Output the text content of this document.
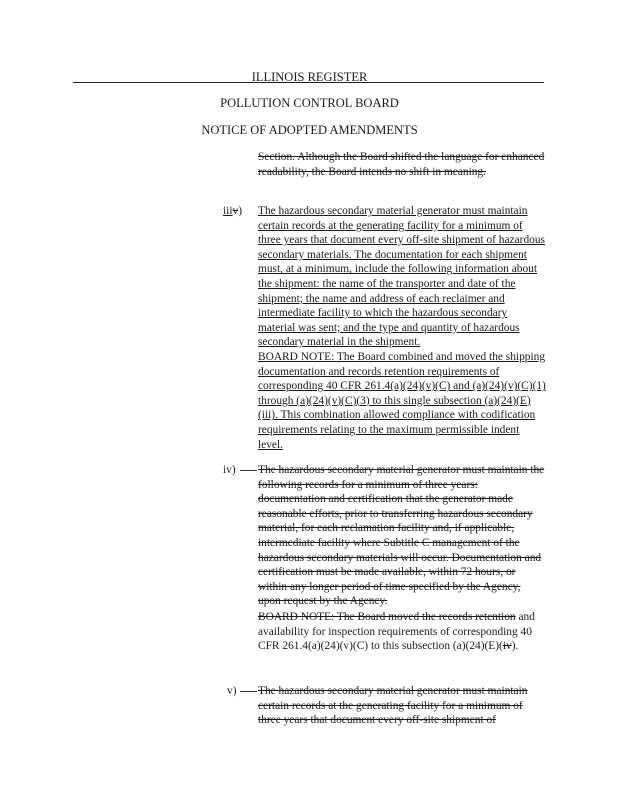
ILLINOIS REGISTER
POLLUTION CONTROL BOARD
NOTICE OF ADOPTED AMENDMENTS
Section. Although the Board shifted the language for enhanced readability, the Board intends no shift in meaning.
iiiv) The hazardous secondary material generator must maintain certain records at the generating facility for a minimum of three years that document every off-site shipment of hazardous secondary materials. The documentation for each shipment must, at a minimum, include the following information about the shipment: the name of the transporter and date of the shipment; the name and address of each reclaimer and intermediate facility to which the hazardous secondary material was sent; and the type and quantity of hazardous secondary material in the shipment.
BOARD NOTE: The Board combined and moved the shipping documentation and records retention requirements of corresponding 40 CFR 261.4(a)(24)(v)(C) and (a)(24)(v)(C)(1) through (a)(24)(v)(C)(3) to this single subsection (a)(24)(E)(iii). This combination allowed compliance with codification requirements relating to the maximum permissible indent level.
iv) The hazardous secondary material generator must maintain the following records for a minimum of three years: documentation and certification that the generator made reasonable efforts, prior to transferring hazardous secondary material, for each reclamation facility and, if applicable, intermediate facility where Subtitle C management of the hazardous secondary materials will occur. Documentation and certification must be made available, within 72 hours, or within any longer period of time specified by the Agency, upon request by the Agency.
BOARD NOTE: The Board moved the records retention and availability for inspection requirements of corresponding 40 CFR 261.4(a)(24)(v)(C) to this subsection (a)(24)(E)(iv).
v) The hazardous secondary material generator must maintain certain records at the generating facility for a minimum of three years that document every off-site shipment of
